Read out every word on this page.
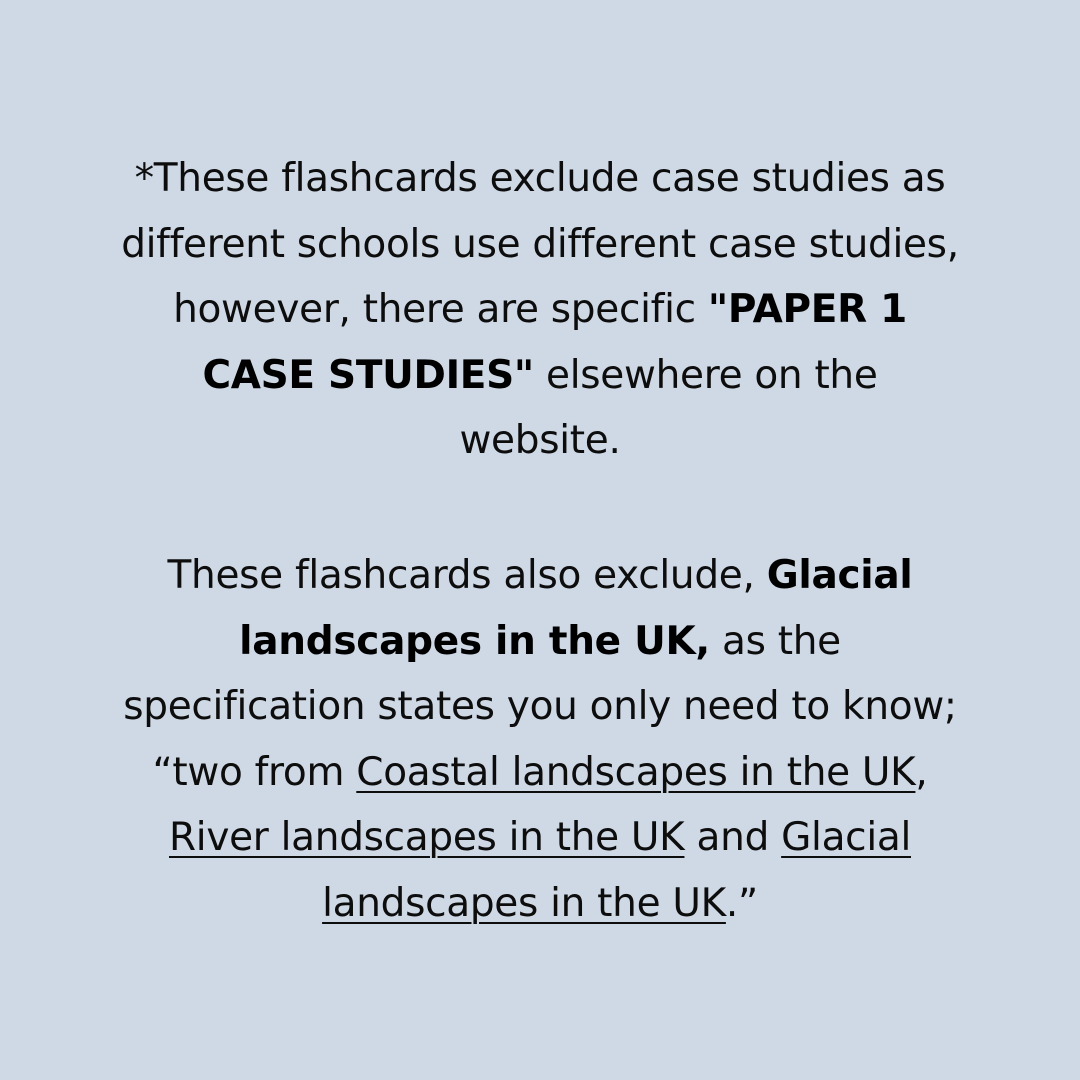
*These flashcards exclude case studies as different schools use different case studies, however, there are specific "PAPER 1 CASE STUDIES" elsewhere on the website.

These flashcards also exclude, Glacial landscapes in the UK, as the specification states you only need to know; “two from Coastal landscapes in the UK, River landscapes in the UK and Glacial landscapes in the UK.”
